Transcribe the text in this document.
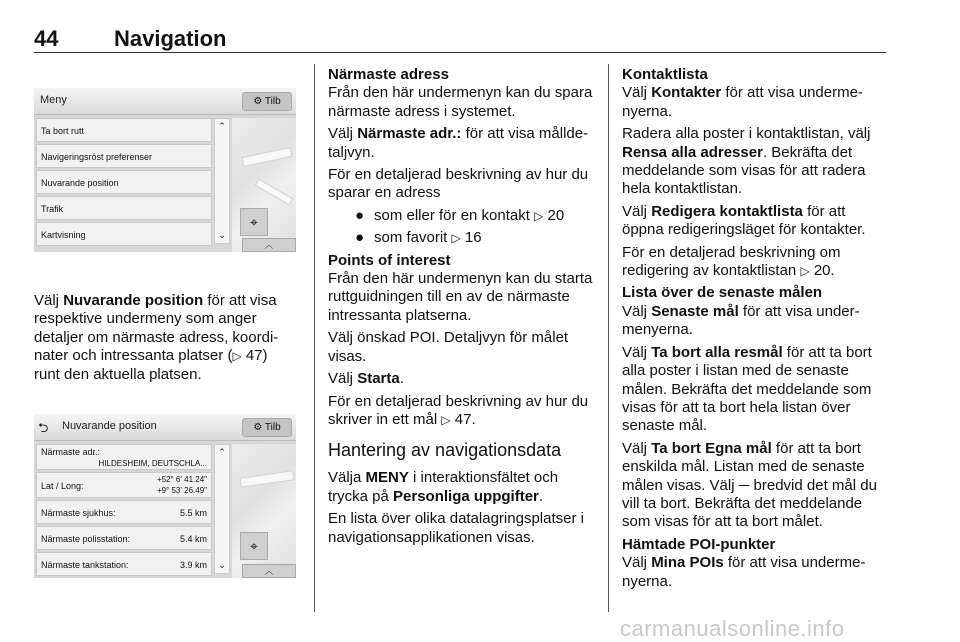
44	Navigation
Meny	⚙ Tilb
Ta bort rutt
Navigeringsröst preferenser
Nuvarande position
Trafik
Kartvisning
⌃
⌄
⌖
︿
⮌ Nuvarande position	⚙ Tilb
Närmaste adr.:
HILDESHEIM, DEUTSCHLA...
Lat / Long:
+52° 6' 41.24"
+9° 53' 26.49"
Närmaste sjukhus:	5.5 km
Närmaste polisstation:	5.4 km
Närmaste tankstation:	3.9 km
⌃
⌄
⌖
︿

Välj Nuvarande position för att visa respektive undermeny som anger detaljer om närmaste adress, koordi-nater och intressanta platser (▷ 47) runt den aktuella platsen.

Närmaste adress

Från den här undermenyn kan du spara närmaste adress i systemet.

Välj Närmaste adr.: för att visa mållde-taljvyn.

För en detaljerad beskrivning av hur du sparar en adress

● som eller för en kontakt ▷ 20
● som favorit ▷ 16
Points of interest

Från den här undermenyn kan du starta ruttguidningen till en av de närmaste intressanta platserna.

Välj önskad POI. Detaljvyn för målet visas.

Välj Starta.

För en detaljerad beskrivning av hur du skriver in ett mål ▷ 47.

Hantering av navigationsdata

Välja MENY i interaktionsfältet och trycka på Personliga uppgifter.

En lista över olika datalagringsplatser i navigationsapplikationen visas.

Kontaktlista

Välj Kontakter för att visa underme-nyerna.

Radera alla poster i kontaktlistan, välj Rensa alla adresser. Bekräfta det meddelande som visas för att radera hela kontaktlistan.

Välj Redigera kontaktlista för att öppna redigeringsläget för kontakter.

För en detaljerad beskrivning om redigering av kontaktlistan ▷ 20.

Lista över de senaste målen

Välj Senaste mål för att visa under-menyerna.

Välj Ta bort alla resmål för att ta bort alla poster i listan med de senaste målen. Bekräfta det meddelande som visas för att ta bort hela listan över senaste mål.

Välj Ta bort Egna mål för att ta bort enskilda mål. Listan med de senaste målen visas. Välj ─ bredvid det mål du vill ta bort. Bekräfta det meddelande som visas för att ta bort målet.

Hämtade POI-punkter

Välj Mina POIs för att visa underme-nyerna.

carmanualsonline.info
